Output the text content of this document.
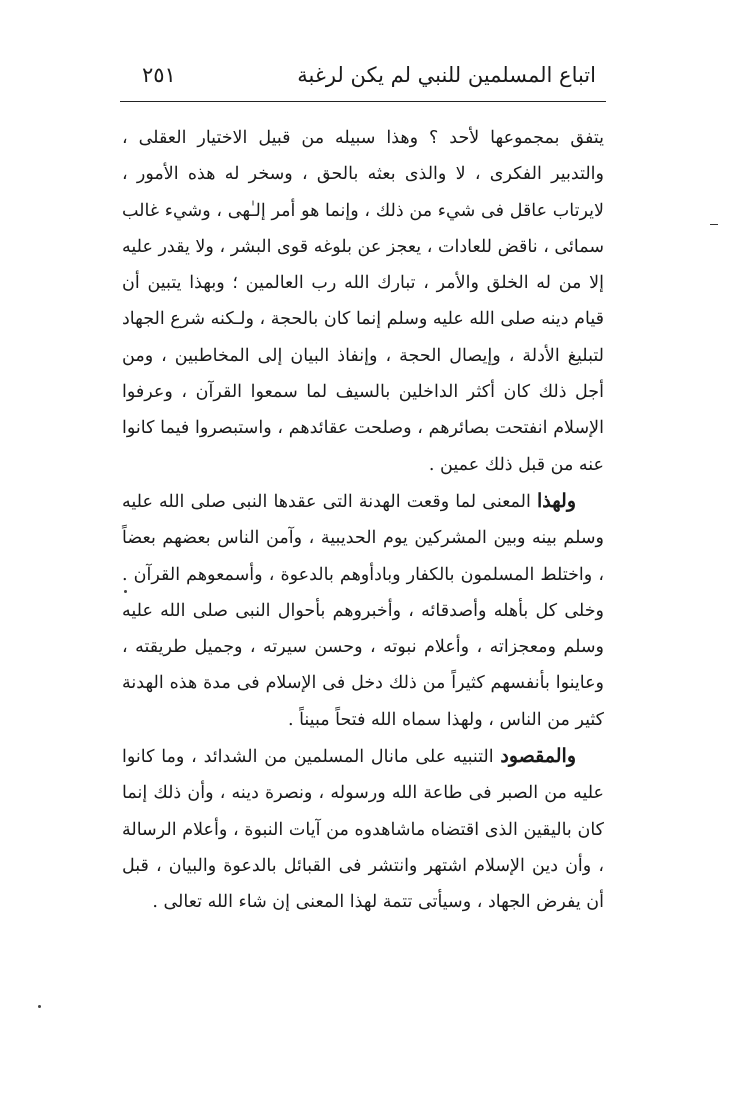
اتباع المسلمين للنبي لم يكن لرغبة
٢٥١

يتفق بمجموعها لأحد ؟ وهذا سبيله من قبيل الاختيار العقلى ، والتدبير الفكرى ، لا والذى بعثه بالحق ، وسخر له هذه الأمور ، لايرتاب عاقل فى شيء من ذلك ، وإنما هو أمر إلـٰهى ، وشيء غالب سمائى ، ناقض للعادات ، يعجز عن بلوغه قوى البشر ، ولا يقدر عليه إلا من له الخلق والأمر ، تبارك الله رب العالمين ؛ وبهذا يتبين أن قيام دينه صلى الله عليه وسلم إنما كان بالحجة ، ولـكنه شرع الجهاد لتبليغ الأدلة ، وإيصال الحجة ، وإنفاذ البيان إلى المخاطبين ، ومن أجل ذلك كان أكثر الداخلين بالسيف لما سمعوا القرآن ، وعرفوا الإسلام انفتحت بصائرهم ، وصلحت عقائدهم ، واستبصروا فيما كانوا عنه من قبل ذلك عمين .

ولهذا المعنى لما وقعت الهدنة التى عقدها النبى صلى الله عليه وسلم بينه وبين المشركين يوم الحديبية ، وآمن الناس بعضهم بعضاً ، واختلط المسلمون بالكفار وبادأوهم بالدعوة ، وأسمعوهم القرآن . وخلى كل بأهله وأصدقائه ، وأخبروهم بأحوال النبى صلى الله عليه وسلم ومعجزاته ، وأعلام نبوته ، وحسن سيرته ، وجميل طريقته ، وعاينوا بأنفسهم كثيراً من ذلك دخل فى الإسلام فى مدة هذه الهدنة كثير من الناس ، ولهذا سماه الله فتحاً مبيناً .

والمقصود التنبيه على مانال المسلمين من الشدائد ، وما كانوا عليه من الصبر فى طاعة الله ورسوله ، ونصرة دينه ، وأن ذلك إنما كان باليقين الذى اقتضاه ماشاهدوه من آيات النبوة ، وأعلام الرسالة ، وأن دين الإسلام اشتهر وانتشر فى القبائل بالدعوة والبيان ، قبل أن يفرض الجهاد ، وسيأتى تتمة لهذا المعنى إن شاء الله تعالى .
